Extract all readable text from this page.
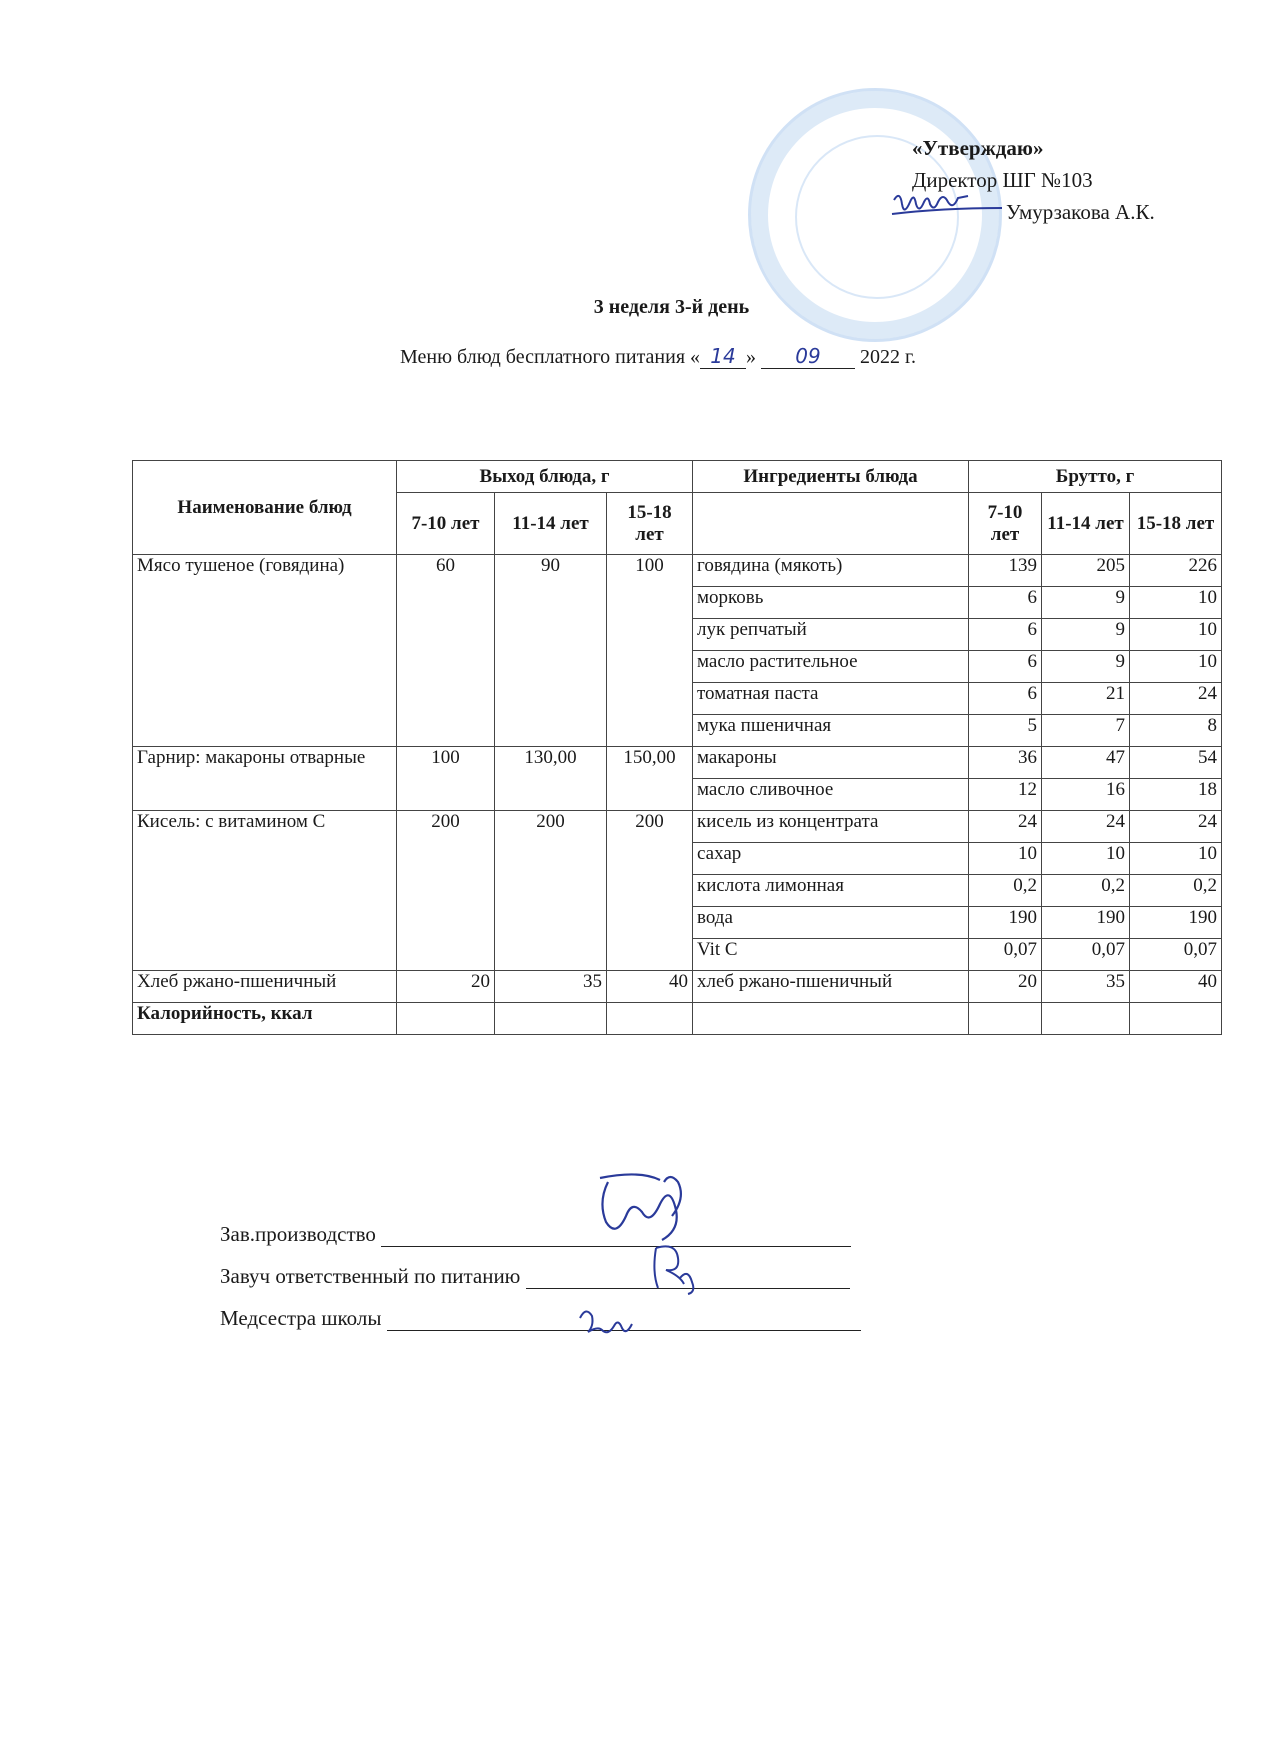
«Утверждаю»
Директор ШГ №103
Умурзакова А.К.
3 неделя 3-й день
Меню блюд бесплатного питания « 14 » 09 2022 г.
Наименование блюд	Выход блюда, г			Ингредиенты блюда	Брутто, г		
	7-10 лет	11-14 лет	15-18 лет		7-10 лет	11-14 лет	15-18 лет
Мясо тушеное (говядина)	60	90	100	говядина (мякоть)	139	205	226
				морковь	6	9	10
				лук репчатый	6	9	10
				масло растительное	6	9	10
				томатная паста	6	21	24
				мука пшеничная	5	7	8
Гарнир: макароны отварные	100	130,00	150,00	макароны	36	47	54
				масло сливочное	12	16	18
Кисель: с витамином С	200	200	200	кисель из концентрата	24	24	24
				сахар	10	10	10
				кислота лимонная	0,2	0,2	0,2
				вода	190	190	190
				Vit C	0,07	0,07	0,07
Хлеб ржано-пшеничный	20	35	40	хлеб ржано-пшеничный	20	35	40
Калорийность, ккал							
Зав.производство
Завуч ответственный по питанию
Медсестра школы
